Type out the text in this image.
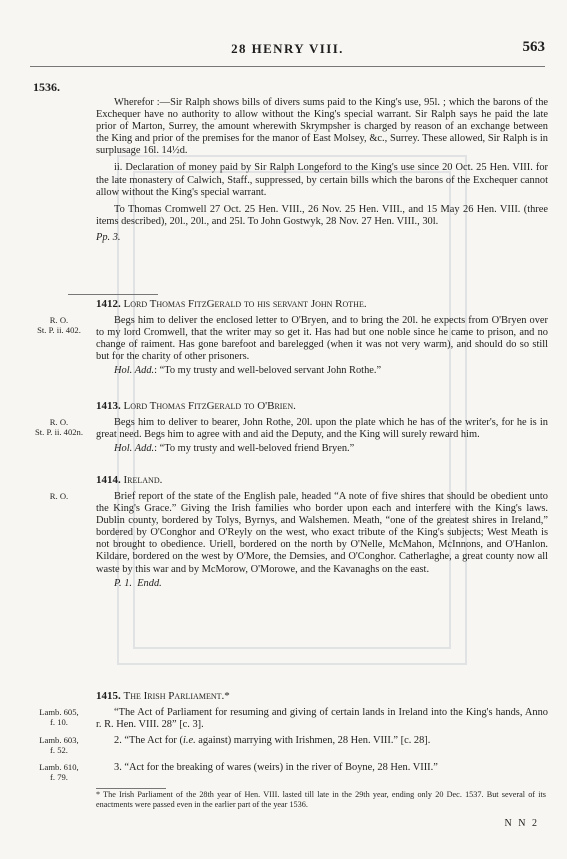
28 HENRY VIII.	563
1536.

Wherefor :—Sir Ralph shows bills of divers sums paid to the King's use, 95l. ; which the barons of the Exchequer have no authority to allow without the King's special warrant. Sir Ralph says he paid the late prior of Marton, Surrey, the amount wherewith Skrympsher is charged by reason of an exchange between the King and prior of the premises for the manor of East Molsey, &c., Surrey. These allowed, Sir Ralph is in surplusage 16l. 14½d.

ii. Declaration of money paid by Sir Ralph Longeford to the King's use since 20 Oct. 25 Hen. VIII. for the late monastery of Calwich, Staff., suppressed, by certain bills which the barons of the Exchequer cannot allow without the King's special warrant.

To Thomas Cromwell 27 Oct. 25 Hen. VIII., 26 Nov. 25 Hen. VIII., and 15 May 26 Hen. VIII. (three items described), 20l., 20l., and 25l. To John Gostwyk, 28 Nov. 27 Hen. VIII., 30l.

Pp. 3.

1412. Lord Thomas FitzGerald to his servant John Rothe.
R. O.
St. P. ii. 402.

Begs him to deliver the enclosed letter to O'Bryen, and to bring the 20l. he expects from O'Bryen over to my lord Cromwell, that the writer may so get it. Has had but one noble since he came to prison, and no change of raiment. Has gone barefoot and barelegged (when it was not very warm), and should do so still but for the charity of other prisoners.

Hol. Add.: “To my trusty and well-beloved servant John Rothe.”

1413. Lord Thomas FitzGerald to O'Brien.
R. O.
St. P. ii. 402n.

Begs him to deliver to bearer, John Rothe, 20l. upon the plate which he has of the writer's, for he is in great need. Begs him to agree with and aid the Deputy, and the King will surely reward him.

Hol. Add.: “To my trusty and well-beloved friend Bryen.”

1414. Ireland.
R. O.	Brief report of the state of the English pale, headed “A note of five shires that should be obedient unto the King's Grace.” Giving the Irish families who border upon each and interfere with the King's laws. Dublin county, bordered by Tolys, Byrnys, and Walshemen. Meath, “one of the greatest shires in Ireland,” bordered by O'Conghor and O'Reyly on the west, who exact tribute of the King's subjects; West Meath is not brought to obedience. Uriell, bordered on the north by O'Nelle, McMahon, McInnons, and O'Hanlon. Kildare, bordered on the west by O'More, the Demsies, and O'Conghor. Catherlaghe, a great county now all waste by this war and by McMorow, O'Morowe, and the Kavanaghs on the east.

P. 1. Endd.

1415. The Irish Parliament.*
Lamb. 605,
f. 10.

“The Act of Parliament for resuming and giving of certain lands in Ireland into the King's hands, Anno r. R. Hen. VIII. 28” [c. 3].

Lamb. 603,
f. 52.

2. “The Act for (i.e. against) marrying with Irishmen, 28 Hen. VIII.” [c. 28].

Lamb. 610,
f. 79.

3. “Act for the breaking of wares (weirs) in the river of Boyne, 28 Hen. VIII.”

* The Irish Parliament of the 28th year of Hen. VIII. lasted till late in the 29th year, ending only 20 Dec. 1537. But several of its enactments were passed even in the earlier part of the year 1536.
N N 2
